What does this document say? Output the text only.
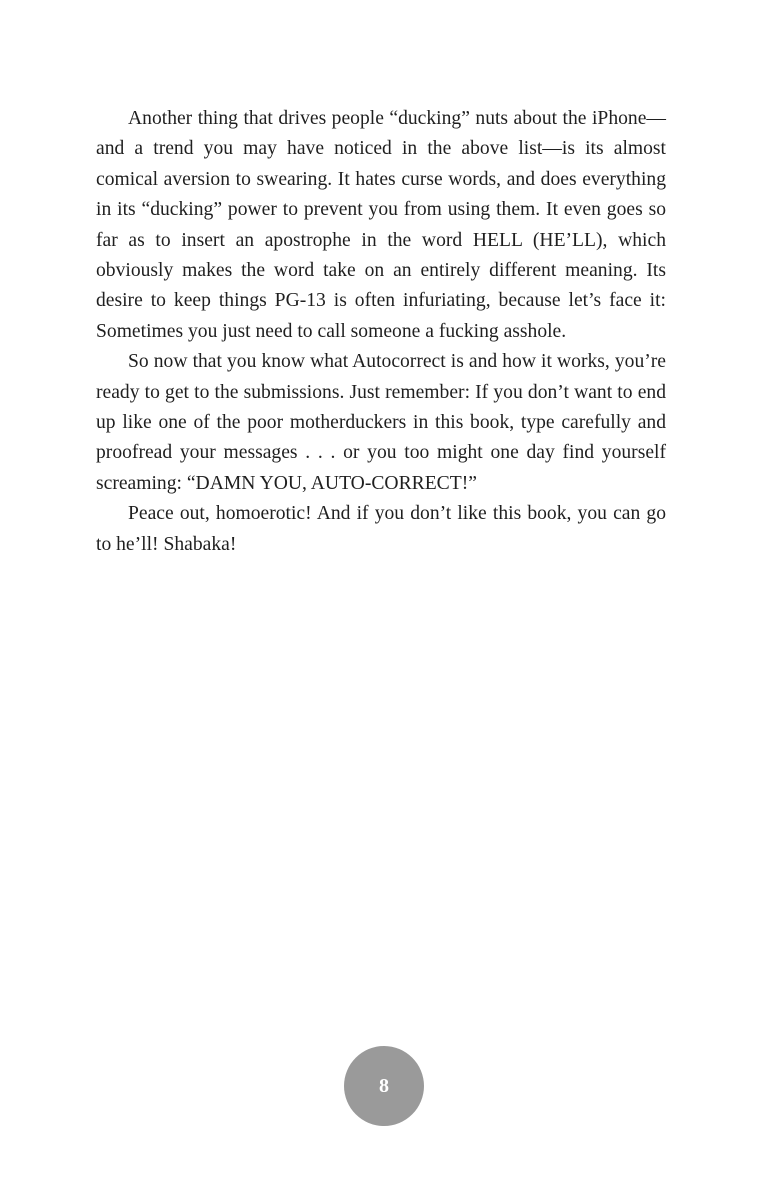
Another thing that drives people “ducking” nuts about the iPhone—and a trend you may have noticed in the above list—is its almost comical aversion to swearing. It hates curse words, and does everything in its “ducking” power to prevent you from using them. It even goes so far as to insert an apostrophe in the word HELL (HE’LL), which obviously makes the word take on an entirely different meaning. Its desire to keep things PG-13 is often infuriating, because let’s face it: Sometimes you just need to call someone a fucking asshole.

So now that you know what Autocorrect is and how it works, you’re ready to get to the submissions. Just remember: If you don’t want to end up like one of the poor motherduckers in this book, type carefully and proofread your messages . . . or you too might one day find yourself screaming: “DAMN YOU, AUTO-CORRECT!”

Peace out, homoerotic! And if you don’t like this book, you can go to he’ll! Shabaka!

8
